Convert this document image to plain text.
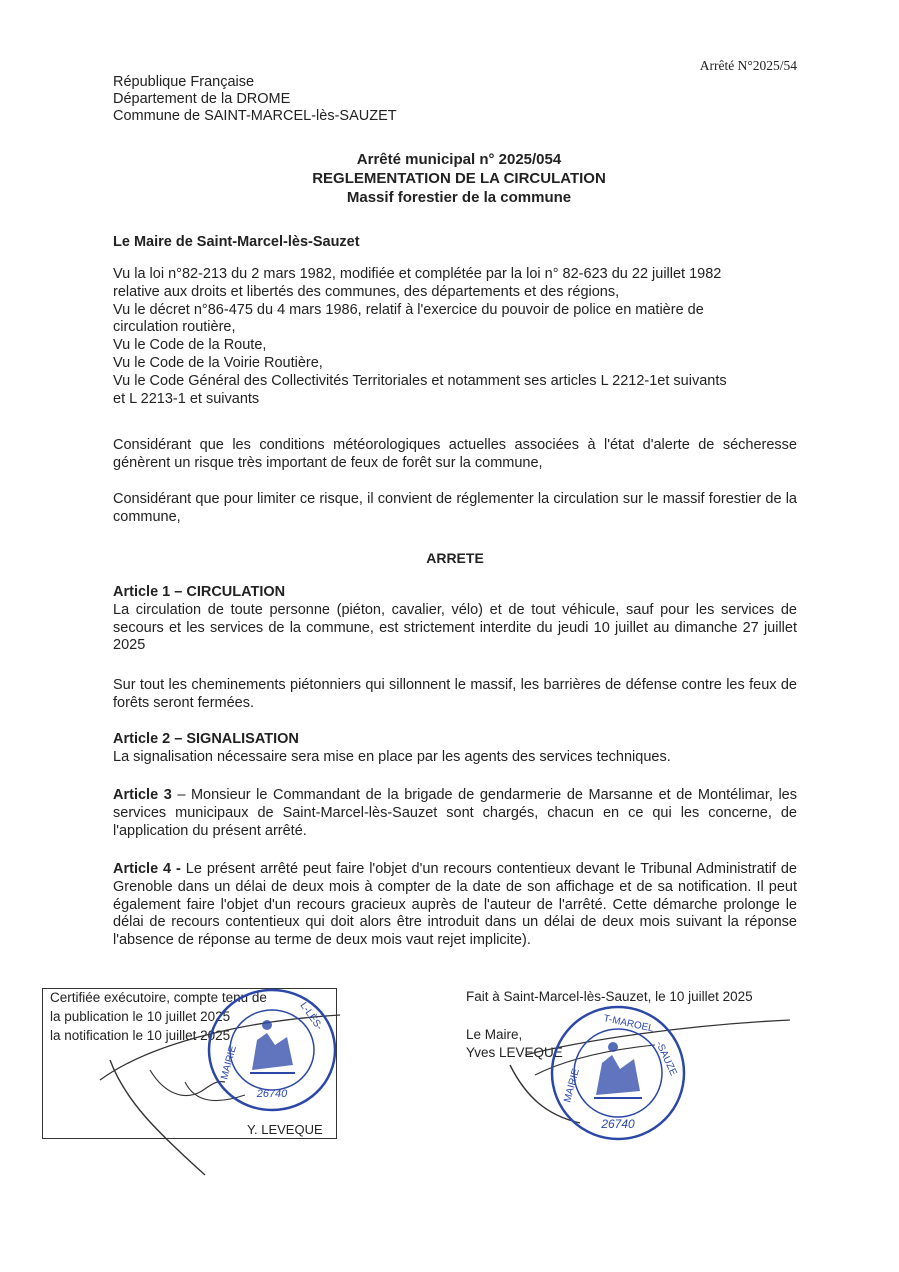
Arrêté N°2025/54
République Française
Département de la DROME
Commune de SAINT-MARCEL-lès-SAUZET
Arrêté municipal n° 2025/054
REGLEMENTATION DE LA CIRCULATION
Massif forestier de la commune
Le Maire de Saint-Marcel-lès-Sauzet
Vu la loi n°82-213 du 2 mars 1982, modifiée et complétée par la loi n° 82-623 du 22 juillet 1982
relative aux droits et libertés des communes, des départements et des régions,
Vu le décret n°86-475 du 4 mars 1986, relatif à l'exercice du pouvoir de police en matière de
circulation routière,
Vu le Code de la Route,
Vu le Code de la Voirie Routière,
Vu le Code Général des Collectivités Territoriales et notamment ses articles L 2212-1et suivants
et L 2213-1 et suivants
Considérant que les conditions météorologiques actuelles associées à l'état d'alerte de sécheresse génèrent un risque très important de feux de forêt sur la commune,
Considérant que pour limiter ce risque, il convient de réglementer la circulation sur le massif forestier de la commune,
ARRETE
Article 1 – CIRCULATION

La circulation de toute personne (piéton, cavalier, vélo) et de tout véhicule, sauf pour les services de secours et les services de la commune, est strictement interdite du jeudi 10 juillet au dimanche 27 juillet 2025

Sur tout les cheminements piétonniers qui sillonnent le massif, les barrières de défense contre les feux de forêts seront fermées.
Article 2 – SIGNALISATION
La signalisation nécessaire sera mise en place par les agents des services techniques.

Article 3 – Monsieur le Commandant de la brigade de gendarmerie de Marsanne et de Montélimar, les services municipaux de Saint-Marcel-lès-Sauzet sont chargés, chacun en ce qui les concerne, de l'application du présent arrêté.

Article 4 - Le présent arrêté peut faire l'objet d'un recours contentieux devant le Tribunal Administratif de Grenoble dans un délai de deux mois à compter de la date de son affichage et de sa notification. Il peut également faire l'objet d'un recours gracieux auprès de l'auteur de l'arrêté. Cette démarche prolonge le délai de recours contentieux qui doit alors être introduit dans un délai de deux mois suivant la réponse l'absence de réponse au terme de deux mois vaut rejet implicite).

Certifiée exécutoire, compte tenu de
la publication le 10 juillet 2025
la notification le 10 juillet 2025
Y. LEVEQUE
26740
MAIRIE
L-LÈS-
Fait à Saint-Marcel-lès-Sauzet, le 10 juillet 2025
Le Maire,
Yves LEVEQUE
26740
MAIRIE
T-MAROEL
-SAUZE
